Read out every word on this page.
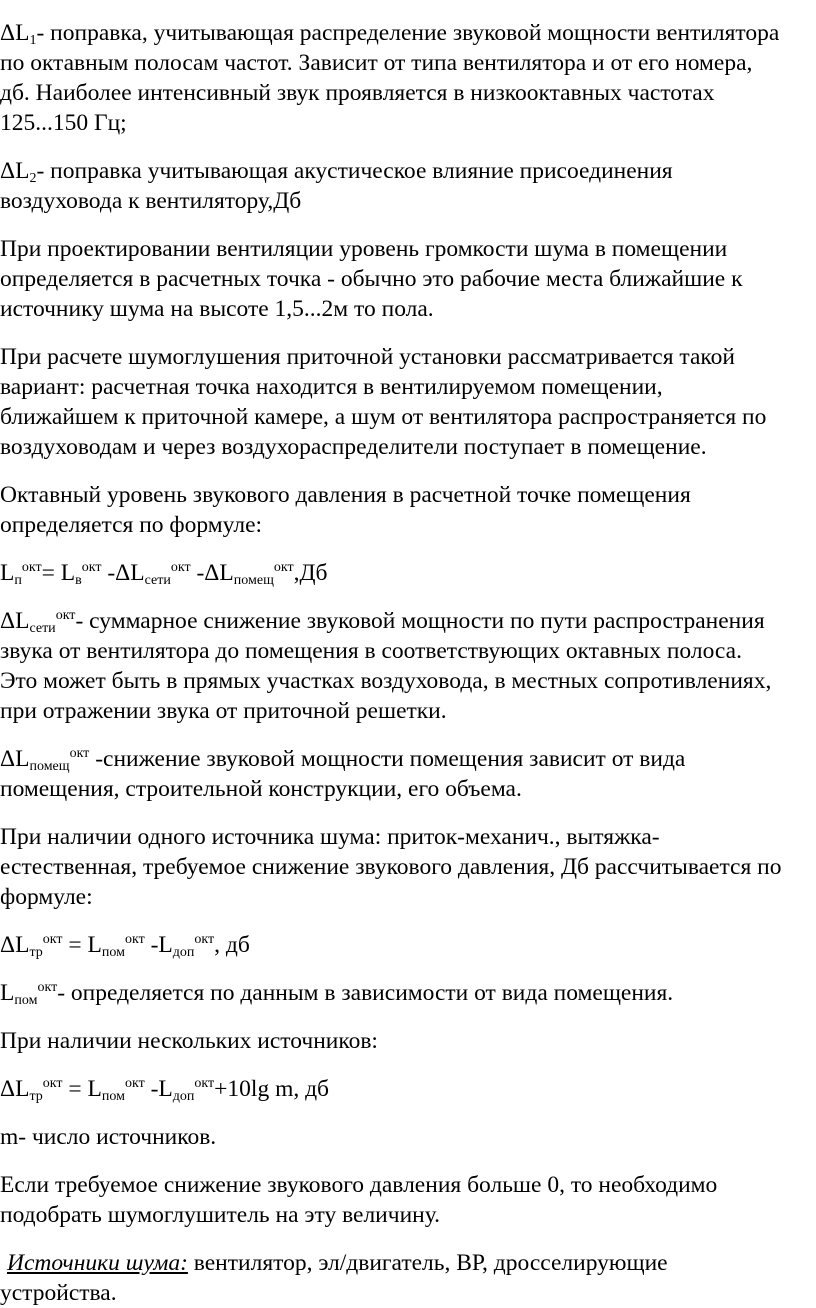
$\Delta L_1-$ поправка, учитывающая распределение звуковой мощности вентилятора
по октавным полосам частот. Зависит от типа вентилятора и от его номера,
дб. Наиболее интенсивный звук проявляется в низкооктавных частотах
125...150 Гц;
$\Delta L_2-$ поправка учитывающая акустическое влияние присоединения
воздуховода к вентилятору,Дб
При проектировании вентиляции уровень громкости шума в помещении
определяется в расчетных точка - обычно это рабочие места ближайшие к
источнику шума на высоте 1,5...2м то пола.
При расчете шумоглушения приточной установки рассматривается такой
вариант: расчетная точка находится в вентилируемом помещении,
ближайшем к приточной камере, а шум от вентилятора распространяется по
воздуховодам и через воздухораспределители поступает в помещение.
Октавный уровень звукового давления в расчетной точке помещения
определяется по формуле:
$L_п^{окт}= L_в^{окт}$ $-\Delta L_{сети}^{окт}$ $-\Delta L_{помещ}^{окт},Дб$
$\Delta L_{сети}^{окт}-$ суммарное снижение звуковой мощности по пути распространения
звука от вентилятора до помещения в соответствующих октавных полоса.
Это может быть в прямых участках воздуховода, в местных сопротивлениях,
при отражении звука от приточной решетки.
$\Delta L_{помещ}^{окт}$ -снижение звуковой мощности помещения зависит от вида
помещения, строительной конструкции, его объема.
При наличии одного источника шума: приток-механич., вытяжка-
естественная, требуемое снижение звукового давления, Дб рассчитывается по
формуле:
$\Delta L_{тр}^{окт} = L_{пом}^{окт}$ $-L_{доп}^{окт}$, дб
$L_{пом}^{окт}-$ определяется по данным в зависимости от вида помещения.
При наличии нескольких источников:
$\Delta L_{тр}^{окт} = L_{пом}^{окт}$ $-L_{доп}^{окт}+10\lg$ m, дб
m- число источников.
Если требуемое снижение звукового давления больше 0, то необходимо
подобрать шумоглушитель на эту величину.
Источники шума: вентилятор, эл/двигатель, ВР, дросселирующие
устройства.
